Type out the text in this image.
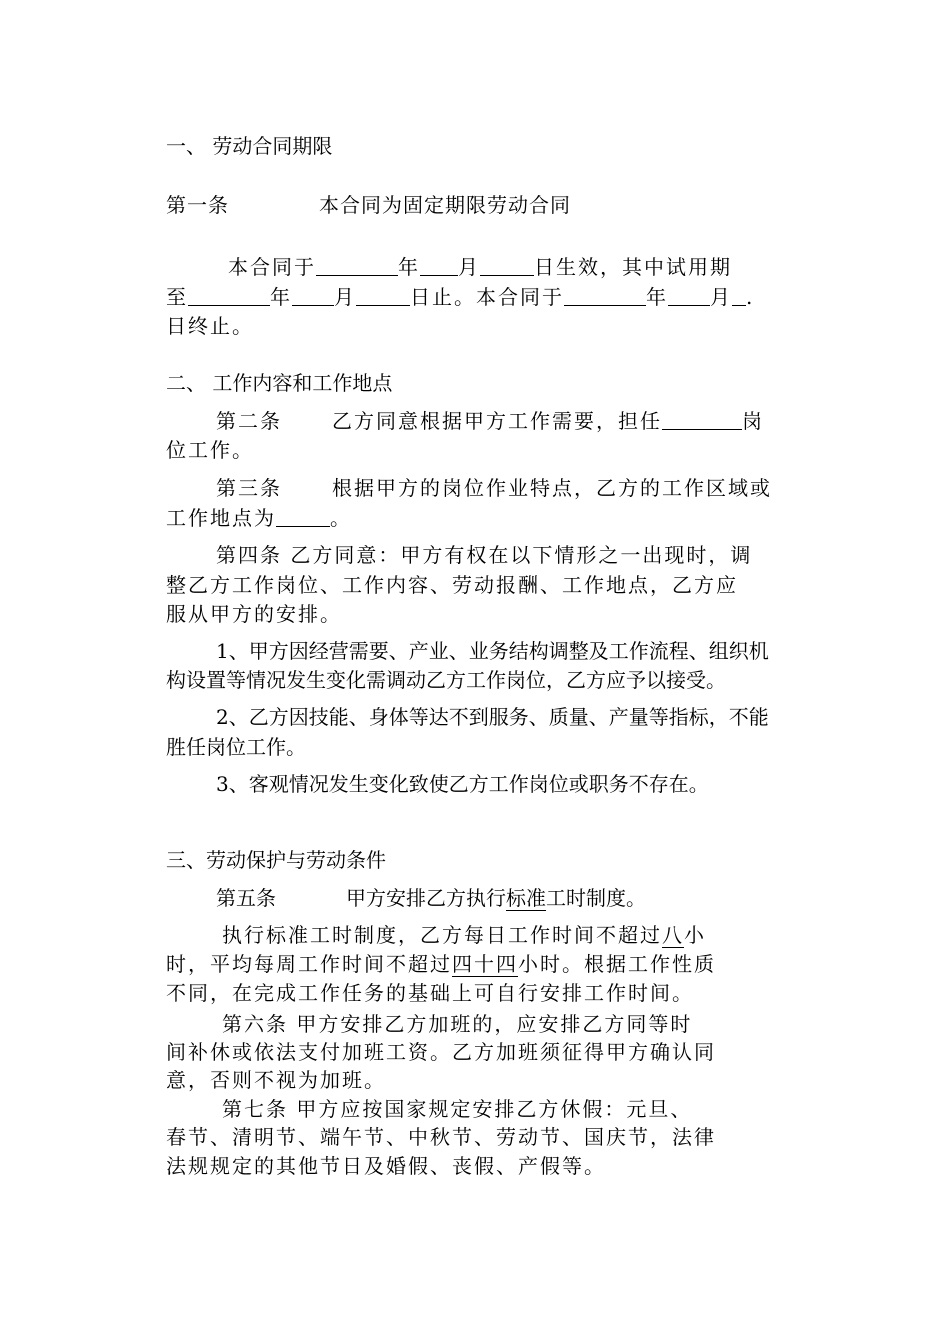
一、 劳动合同期限
第一条	本合同为固定期限劳动合同
本合同于	年 月	日生效，其中试用期
至	年 月	日止。本合同于	年 月 .
日终止。
二、 工作内容和工作地点
第二条	乙方同意根据甲方工作需要，担任	岗
位工作。
第三条	根据甲方的岗位作业特点，乙方的工作区域或
工作地点为	。
第四条 乙方同意：甲方有权在以下情形之一出现时，调
整乙方工作岗位、工作内容、劳动报酬、工作地点，乙方应
服从甲方的安排。
1、甲方因经营需要、产业、业务结构调整及工作流程、组织机
构设置等情况发生变化需调动乙方工作岗位，乙方应予以接受。
2、乙方因技能、身体等达不到服务、质量、产量等指标，不能
胜任岗位工作。
3、客观情况发生变化致使乙方工作岗位或职务不存在。
三、劳动保护与劳动条件
第五条	甲方安排乙方执行标准工时制度。
执行标准工时制度，乙方每日工作时间不超过八小
时，平均每周工作时间不超过四十四小时。根据工作性质
不同，在完成工作任务的基础上可自行安排工作时间。
第六条 甲方安排乙方加班的，应安排乙方同等时
间补休或依法支付加班工资。乙方加班须征得甲方确认同
意，否则不视为加班。
第七条 甲方应按国家规定安排乙方休假：元旦、
春节、清明节、端午节、中秋节、劳动节、国庆节，法律
法规规定的其他节日及婚假、丧假、产假等。
